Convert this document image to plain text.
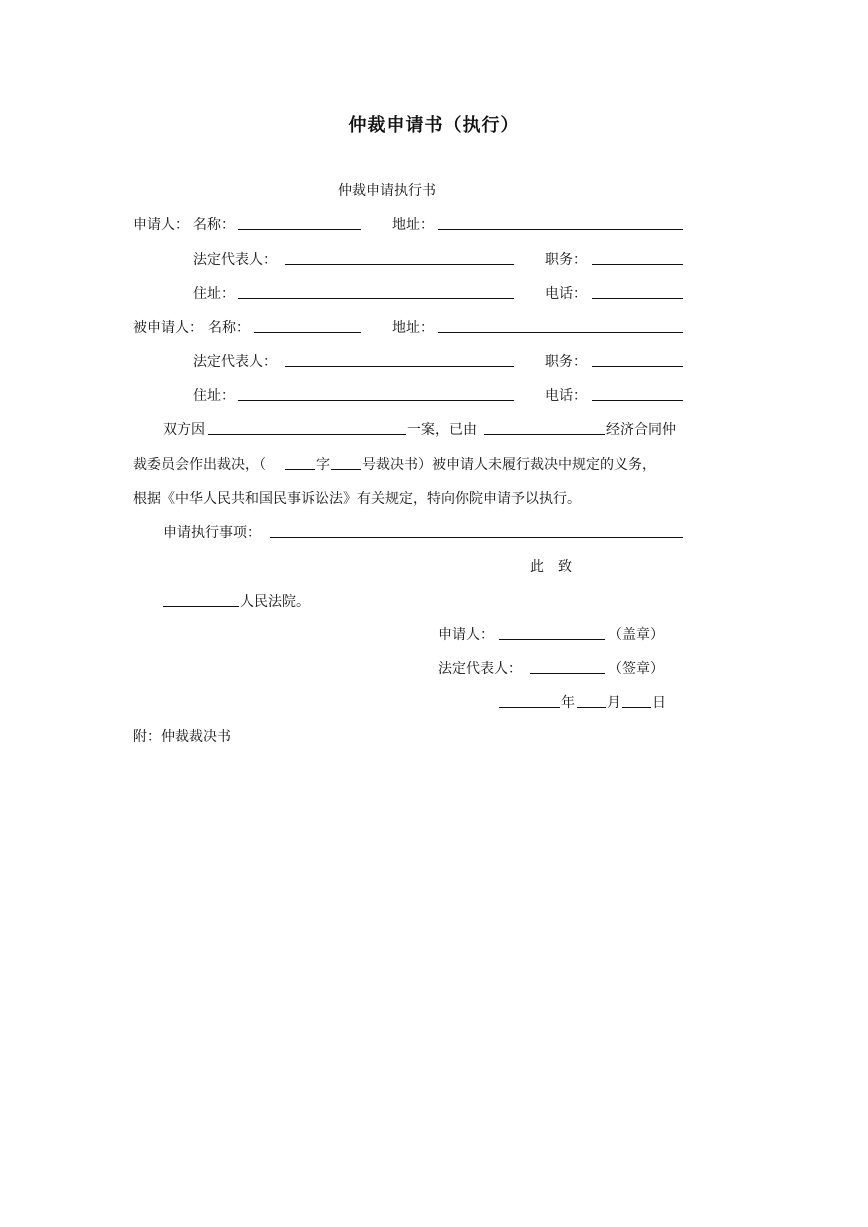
仲裁申请书（执行）
仲裁申请执行书
申请人： 名称：	地址：
法定代表人：	职务：
住址：	电话：
被申请人： 名称：	地址：
法定代表人：	职务：
住址：	电话：
双方因	一案，已由	经济合同仲
裁委员会作出裁决，（	字 号裁决书）被申请人未履行裁决中规定的义务，
根据《中华人民共和国民事诉讼法》有关规定，特向你院申请予以执行。
申请执行事项：
此　致
人民法院。
申请人：	（盖章）
法定代表人：	（签章）
年 月 日
附：仲裁裁决书
